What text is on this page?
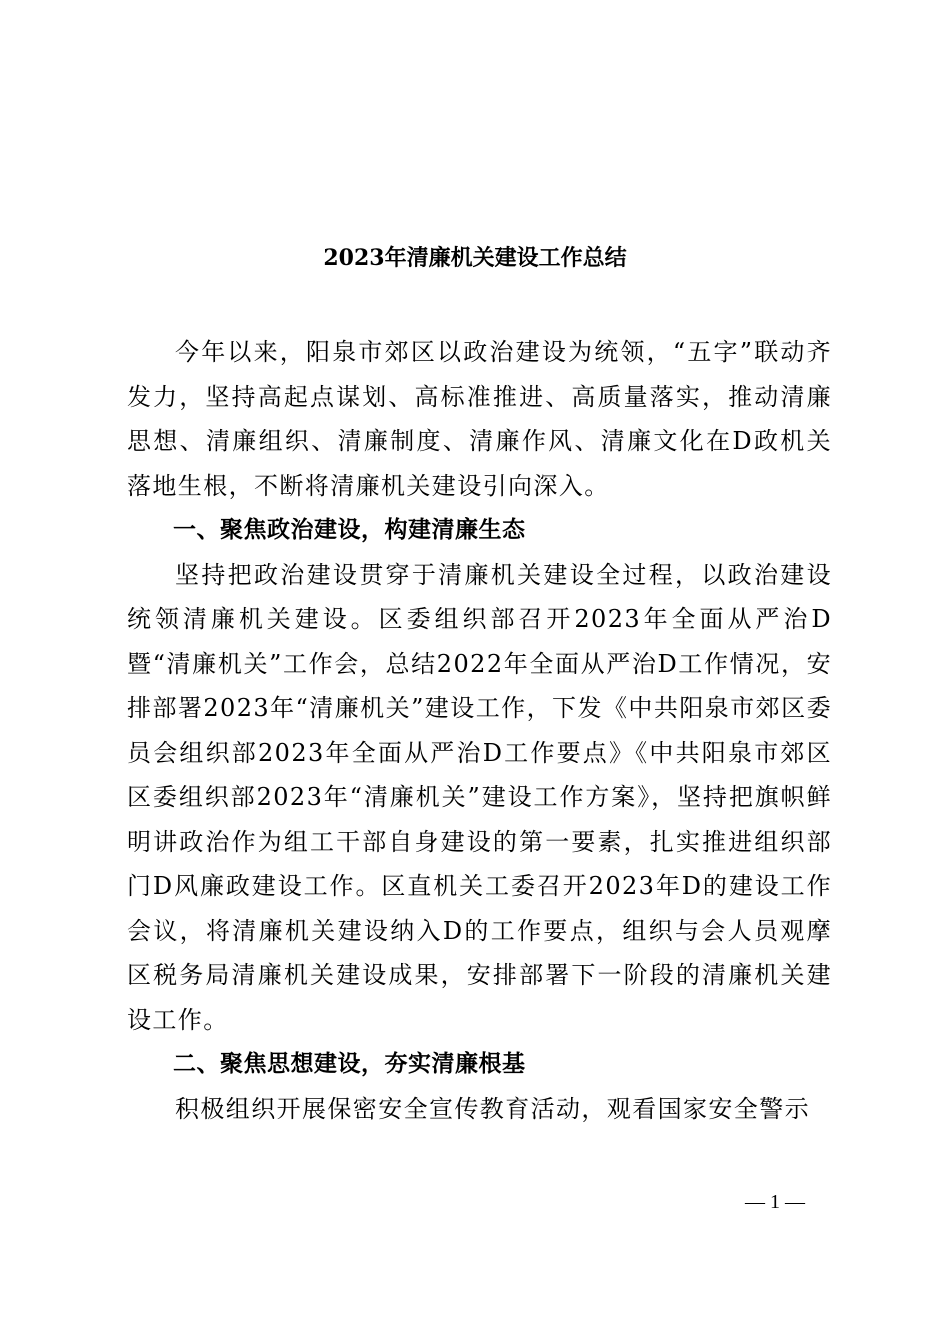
2023年清廉机关建设工作总结

今年以来，阳泉市郊区以政治建设为统领，“五字”联动齐发力，坚持高起点谋划、高标准推进、高质量落实，推动清廉思想、清廉组织、清廉制度、清廉作风、清廉文化在D政机关落地生根，不断将清廉机关建设引向深入。

一、聚焦政治建设，构建清廉生态

坚持把政治建设贯穿于清廉机关建设全过程，以政治建设统领清廉机关建设。区委组织部召开2023年全面从严治D暨“清廉机关”工作会，总结2022年全面从严治D工作情况，安排部署2023年“清廉机关”建设工作，下发《中共阳泉市郊区委员会组织部2023年全面从严治D工作要点》《中共阳泉市郊区区委组织部2023年“清廉机关”建设工作方案》，坚持把旗帜鲜明讲政治作为组工干部自身建设的第一要素，扎实推进组织部门D风廉政建设工作。区直机关工委召开2023年D的建设工作会议，将清廉机关建设纳入D的工作要点，组织与会人员观摩区税务局清廉机关建设成果，安排部署下一阶段的清廉机关建设工作。

二、聚焦思想建设，夯实清廉根基

积极组织开展保密安全宣传教育活动，观看国家安全警示

— 1 —
